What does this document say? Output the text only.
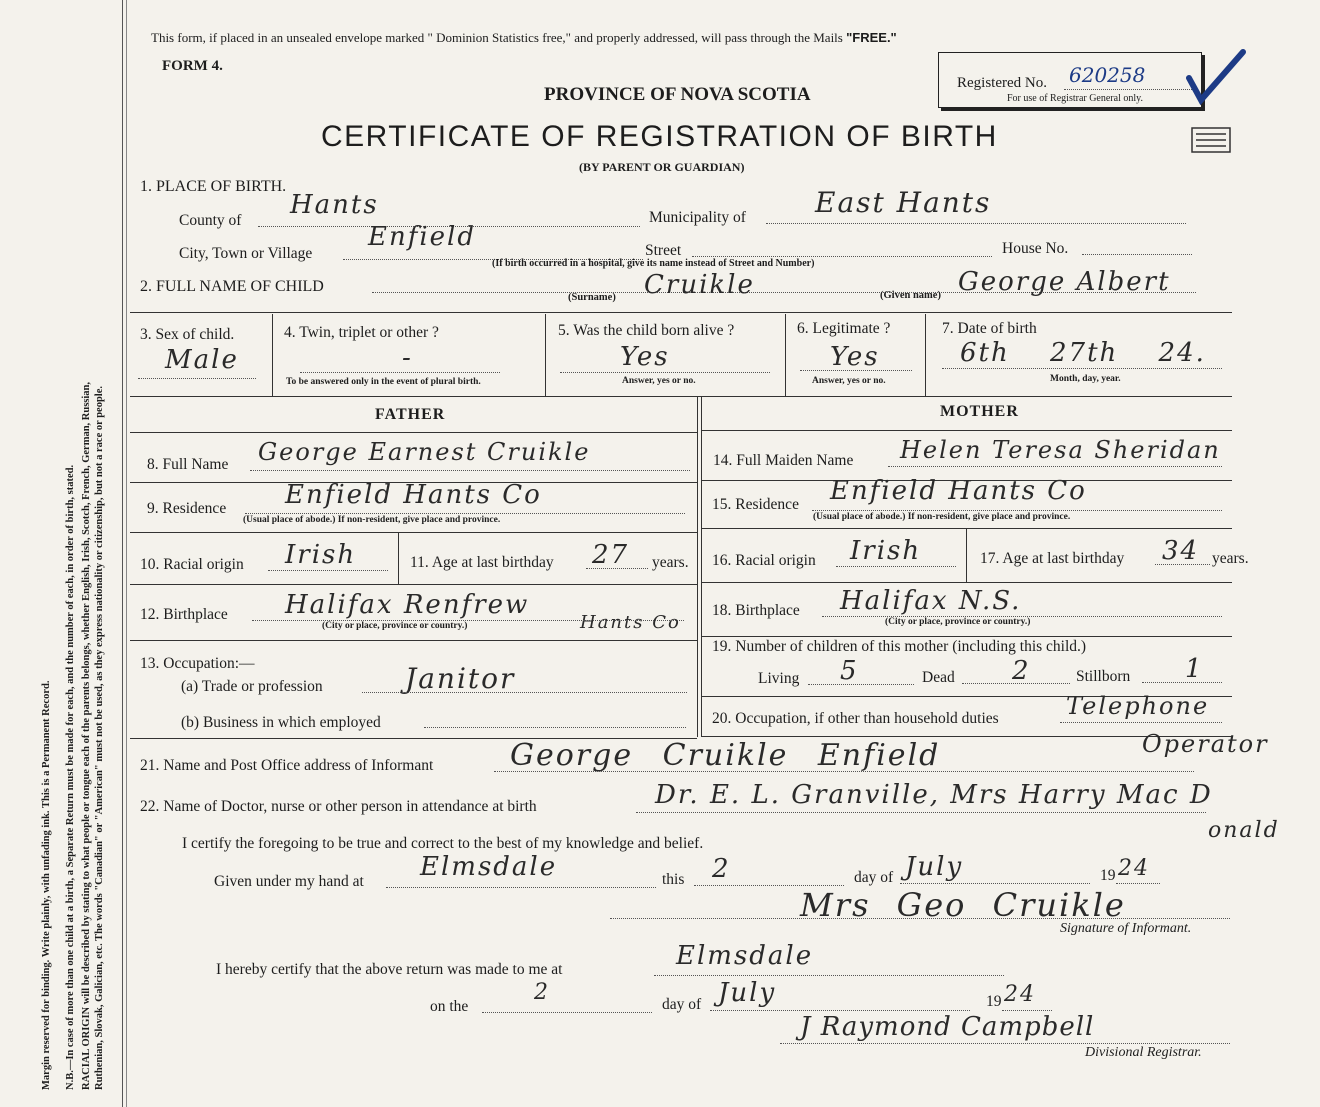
Margin reserved for binding. Write plainly, with unfading ink. This is a Permanent Record. N.B.—In case of more than one child at a birth, a Separate Return must be made for each, and the number of each, in order of birth, stated. RACIAL ORIGIN will be described by stating to what people or tongue each of the parents belongs, whether English, Irish, Scotch, French, German, Russian, Ruthenian, Slovak, Galician, etc. The words "Canadian" or "American" must not be used, as they express nationality or citizenship, but not a race or people.
This form, if placed in an unsealed envelope marked " Dominion Statistics free," and properly addressed, will pass through the Mails "FREE."
FORM 4.
PROVINCE OF NOVA SCOTIA
CERTIFICATE OF REGISTRATION OF BIRTH
(BY PARENT OR GUARDIAN)
Registered No. 620258
For use of Registrar General only.
1. PLACE OF BIRTH.
County of
Hants	Municipality of East Hants
City, Town or Village
Enfield	Street	House No.
(If birth occurred in a hospital, give its name instead of Street and Number)
2. FULL NAME OF CHILD
(Surname) Cruikle	(Given name) George Albert
3. Sex of child.
Male
4. Twin, triplet or other ?
-
To be answered only in the event of plural birth.
5. Was the child born alive ?
Yes
Answer, yes or no.
6. Legitimate ?
Yes
Answer, yes or no.
7. Date of birth
6th 27th 24.
Month, day, year.
FATHER	MOTHER
8. Full Name George Earnest Cruikle
9. Residence Enfield Hants Co
(Usual place of abode.) If non-resident, give place and province.
10. Racial origin Irish	11. Age at last birthday 27 years.
12. Birthplace Halifax Renfrew
Hants Co
(City or place, province or country.)
13. Occupation:—
(a) Trade or profession	Janitor
(b) Business in which employed
14. Full Maiden Name Helen Teresa Sheridan
15. Residence Enfield Hants Co
(Usual place of abode.) If non-resident, give place and province.
16. Racial origin Irish	17. Age at last birthday 34 years.
18. Birthplace Halifax N.S.
(City or place, province or country.)
19. Number of children of this mother (including this child.)
Living 5	Dead 2	Stillborn 1
20. Occupation, if other than household duties	Telephone
Operator
21. Name and Post Office address of Informant	George Cruikle Enfield
22. Name of Doctor, nurse or other person in attendance at birth	Dr. E. L. Granville, Mrs Harry Mac D
onald
I certify the foregoing to be true and correct to the best of my knowledge and belief.
Given under my hand at Elmsdale	this 2	day of July	19 24
Mrs Geo Cruikle
Signature of Informant.
I hereby certify that the above return was made to me at	Elmsdale
on the
2	day of July	19 24
J Raymond Campbell
Divisional Registrar.
